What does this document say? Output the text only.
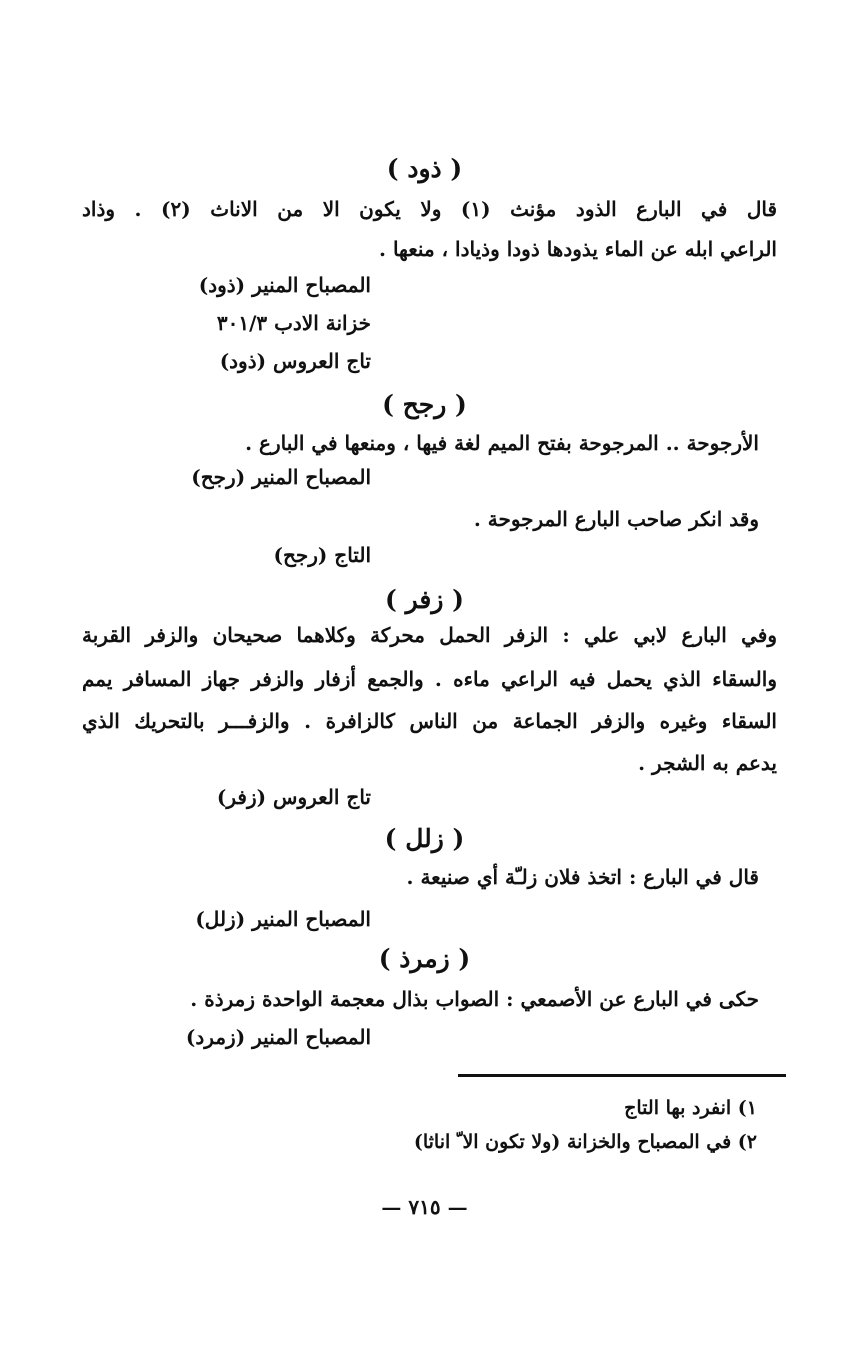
( ذود )
قال في البارع الذود مؤنث (١) ولا يكون الا من الاناث (٢) . وذاد
الراعي ابله عن الماء يذودها ذودا وذيادا ، منعها .
المصباح المنير (ذود)
خزانة الادب ٣٠١/٣
تاج العروس (ذود)
( رجح )
الأرجوحة .. المرجوحة بفتح الميم لغة فيها ، ومنعها في البارع .
المصباح المنير (رجح)
وقد انكر صاحب البارع المرجوحة .
التاج (رجح)
( زفر )
وفي البارع لابي علي : الزفر الحمل محركة وكلاهما صحيحان والزفر القربة
والسقاء الذي يحمل فيه الراعي ماءه . والجمع أزفار والزفر جهاز المسافر يمم
السقاء وغيره والزفر الجماعة من الناس كالزافرة . والزفـــر بالتحريك الذي
يدعم به الشجر .
تاج العروس (زفر)
( زلل )
قال في البارع : اتخذ فلان زلـّة أي صنيعة .
المصباح المنير (زلل)
( زمرذ )
حكى في البارع عن الأصمعي : الصواب بذال معجمة الواحدة زمرذة .
المصباح المنير (زمرد)
١) انفرد بها التاج
٢) في المصباح والخزانة (ولا تكون الا ّ اناثا)
— ٧١٥ —
